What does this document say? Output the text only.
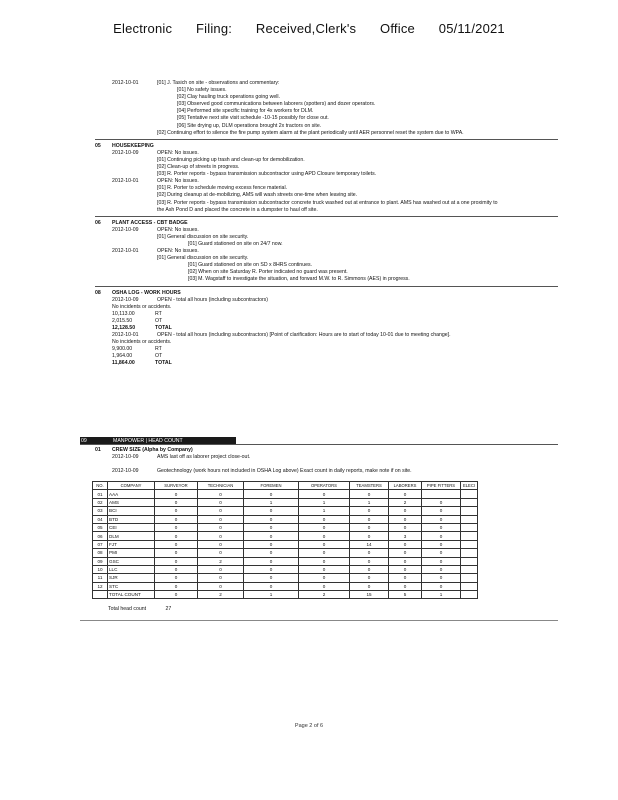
Electronic Filing: Received,Clerk's Office 05/11/2021
2012-10-01	[01] J. Tasich on site - observations and commentary:
[01] No safety issues.
[02] Clay hauling truck operations going well.
[03] Observed good communications between laborers (spotters) and dozer operators.
[04] Performed site specific training for 4x workers for DLM.
[05] Tentative next site visit schedule -10-15 possibly for close out.
[06] Site drying up, DLM operations brought 2x tractors on site.
[02] Continuing effort to silence the fire pump system alarm at the plant periodically until AER personnel reset the system due to WPA.
05 HOUSEKEEPING
2012-10-09	OPEN: No issues.
[01] Continuing picking up trash and clean-up for demobilization.
[02] Clean-up of streets in progress.
[03] R. Porter reports - bypass transmission subcontractor using APD Closure temporary toilets.
2012-10-01	OPEN: No issues.
[01] R. Porter to schedule moving excess fence material.
[02] During cleanup at de-mobilizing, AMS will wash streets one-time when leaving site.
[03] R. Porter reports - bypass transmission subcontractor concrete truck washed out at entrance to plant. AMS has washed out at a one proximity to
the Ash Pond D and placed the concrete in a dumpster to haul off site.
06 PLANT ACCESS - CBT BADGE
2012-10-09	OPEN: No issues.
[01] General discussion on site security.
[01] Guard stationed on site on 24/7 now.
2012-10-01	OPEN: No issues.
[01] General discussion on site security.
[01] Guard stationed on site on SD x 8HRS continues.
[02] When on site Saturday R. Porter indicated no guard was present.
[03] M. Wagstaff to investigate the situation, and forward M.W. to R. Simmons (AES) in progress.
08 OSHA LOG - WORK HOURS
2012-10-09	OPEN - total all hours (including subcontractors)
No incidents or accidents.
10,113.00	RT
2,015.50	OT
12,128.50	TOTAL
2012-10-01	OPEN - total all hours (including subcontractors) [Point of clarification: Hours are to start of today 10-01 due to meeting change].
No incidents or accidents.
9,900.00	RT
1,964.00	OT
11,864.00	TOTAL
09	MANPOWER | HEAD COUNT
01 CREW SIZE (Alpha by Company)
2012-10-09	AMS last off as laborer project close-out.
2012-10-09	Geotechnology (work hours not included in OSHA Log above) Exact count in daily reports, make note if on site.
NO.	COMPANY	SURVEYOR	TECHNICIAN	FOREMEN	OPERATORS	TEAMSTERS	LABORERS	PIPE FITTERS	ELECI
01	AAA	0	0	0	0	0	0		
02	AMS	0	0	1	1	1	2	0	
03	BCI	0	0	0	1	0	0	0	
04	BTD	0	0	0	0	0	0	0	
05	CEI	0	0	0	0	0	0	0	
06	DLM	0	0	0	0	0	3	0	
07	FJT	0	0	0	0	14	0	0	
08	PMI	0	0	0	0	0	0	0	
09	GSC	0	2	0	0	0	0	0	
10	LLC	0	0	0	0	0	0	0	
11	SJR	0	0	0	0	0	0	0	
12	STC	0	0	0	0	0	0	0	
	TOTAL COUNT	0	2	1	2	15	5	1	
Total head count	27
Page 2 of 6
